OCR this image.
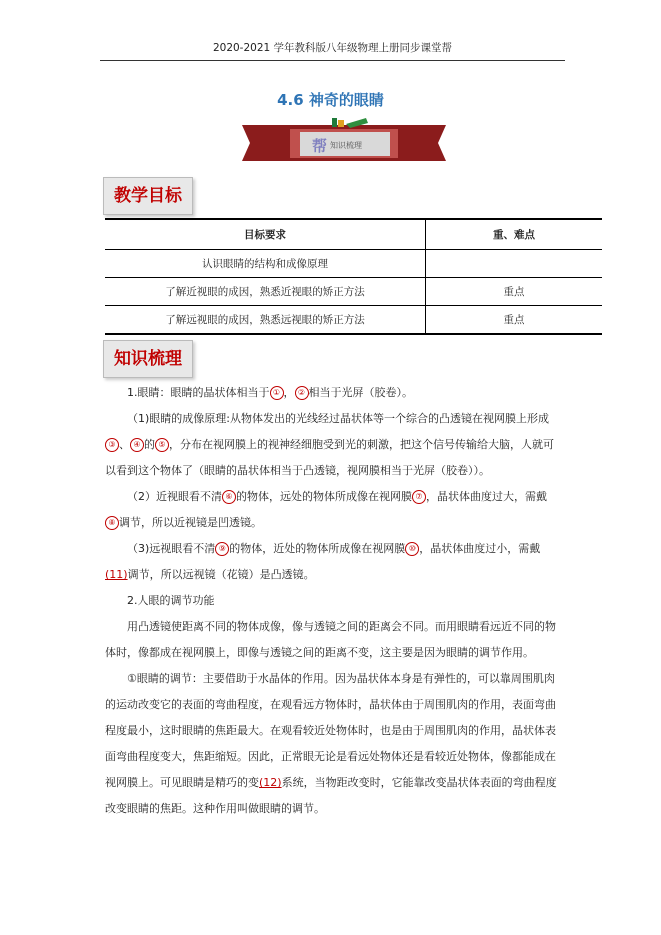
2020-2021 学年教科版八年级物理上册同步课堂帮
4.6 神奇的眼睛
帮 知识梳理
教学目标
目标要求	重、难点
认识眼睛的结构和成像原理	
了解近视眼的成因，熟悉近视眼的矫正方法	重点
了解远视眼的成因，熟悉远视眼的矫正方法	重点
知识梳理

1.眼睛：眼睛的晶状体相当于 ① ， ② 相当于光屏（胶卷）。

（1)眼睛的成像原理:从物体发出的光线经过晶状体等一个综合的凸透镜在视网膜上形成③ 、 ④ 的 ⑤ ，分布在视网膜上的视神经细胞受到光的刺激，把这个信号传输给大脑，人就可以看到这个物体了（眼睛的晶状体相当于凸透镜，视网膜相当于光屏（胶卷））。

（2）近视眼看不清 ⑥ 的物体，远处的物体所成像在视网膜 ⑦ ，晶状体曲度过大，需戴⑧ 调节，所以近视镜是凹透镜。

（3)远视眼看不清 ⑨ 的物体，近处的物体所成像在视网膜 ⑩ ，晶状体曲度过小，需戴(11)调节，所以远视镜（花镜）是凸透镜。

2.人眼的调节功能

用凸透镜使距离不同的物体成像，像与透镜之间的距离会不同。而用眼睛看远近不同的物体时，像都成在视网膜上，即像与透镜之间的距离不变，这主要是因为眼睛的调节作用。

①眼睛的调节：主要借助于水晶体的作用。因为晶状体本身是有弹性的，可以靠周围肌肉的运动改变它的表面的弯曲程度，在观看远方物体时，晶状体由于周围肌肉的作用，表面弯曲程度最小，这时眼睛的焦距最大。在观看较近处物体时，也是由于周围肌肉的作用，晶状体表面弯曲程度变大，焦距缩短。因此，正常眼无论是看远处物体还是看较近处物体，像都能成在视网膜上。可见眼睛是精巧的变(12)系统，当物距改变时，它能靠改变晶状体表面的弯曲程度改变眼睛的焦距。这种作用叫做眼睛的调节。
